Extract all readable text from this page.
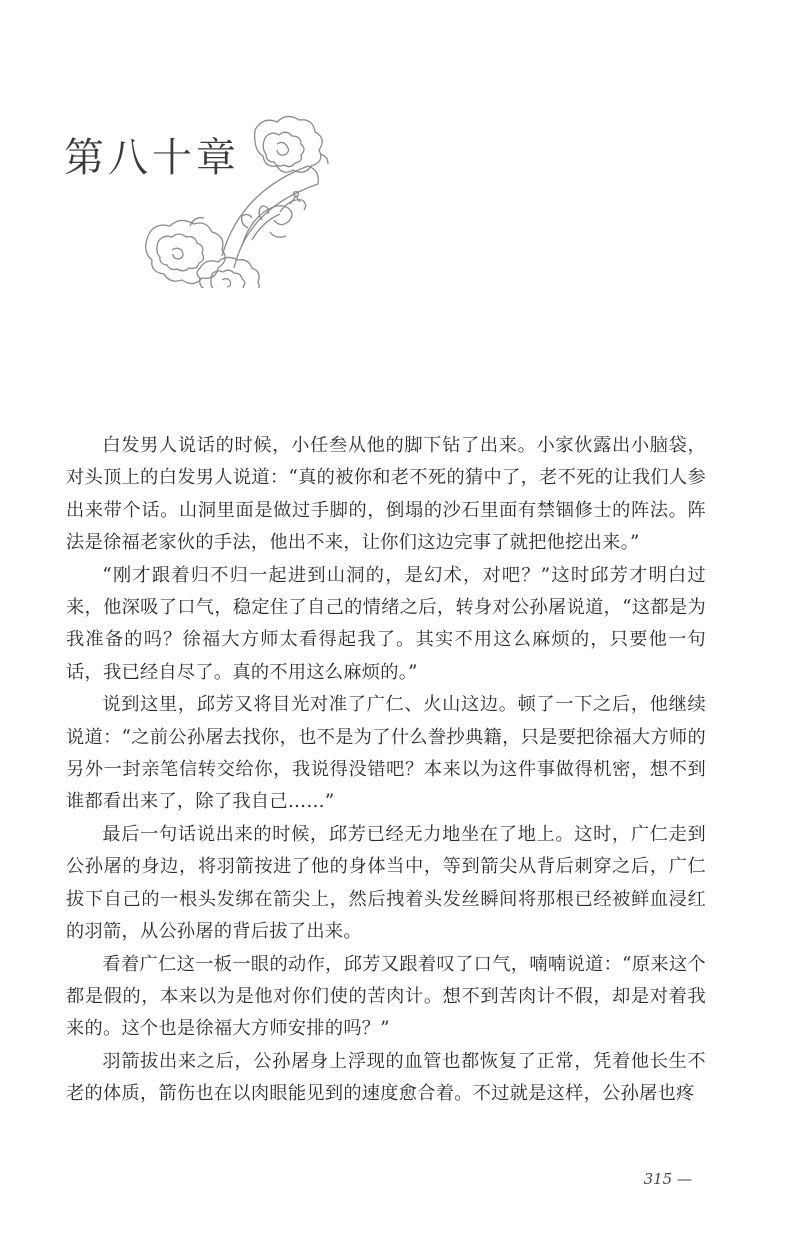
第八十章

白发男人说话的时候，小任叁从他的脚下钻了出来。小家伙露出小脑袋，对头顶上的白发男人说道：“真的被你和老不死的猜中了，老不死的让我们人参出来带个话。山洞里面是做过手脚的，倒塌的沙石里面有禁锢修士的阵法。阵法是徐福老家伙的手法，他出不来，让你们这边完事了就把他挖出来。”

“刚才跟着归不归一起进到山洞的，是幻术，对吧？”这时邱芳才明白过来，他深吸了口气，稳定住了自己的情绪之后，转身对公孙屠说道，“这都是为我准备的吗？徐福大方师太看得起我了。其实不用这么麻烦的，只要他一句话，我已经自尽了。真的不用这么麻烦的。”

说到这里，邱芳又将目光对准了广仁、火山这边。顿了一下之后，他继续说道：“之前公孙屠去找你，也不是为了什么誊抄典籍，只是要把徐福大方师的另外一封亲笔信转交给你，我说得没错吧？本来以为这件事做得机密，想不到谁都看出来了，除了我自己……”

最后一句话说出来的时候，邱芳已经无力地坐在了地上。这时，广仁走到公孙屠的身边，将羽箭按进了他的身体当中，等到箭尖从背后刺穿之后，广仁拔下自己的一根头发绑在箭尖上，然后拽着头发丝瞬间将那根已经被鲜血浸红的羽箭，从公孙屠的背后拔了出来。

看着广仁这一板一眼的动作，邱芳又跟着叹了口气，喃喃说道：“原来这个都是假的，本来以为是他对你们使的苦肉计。想不到苦肉计不假，却是对着我来的。这个也是徐福大方师安排的吗？”

羽箭拔出来之后，公孙屠身上浮现的血管也都恢复了正常，凭着他长生不老的体质，箭伤也在以肉眼能见到的速度愈合着。不过就是这样，公孙屠也疼

315 —
